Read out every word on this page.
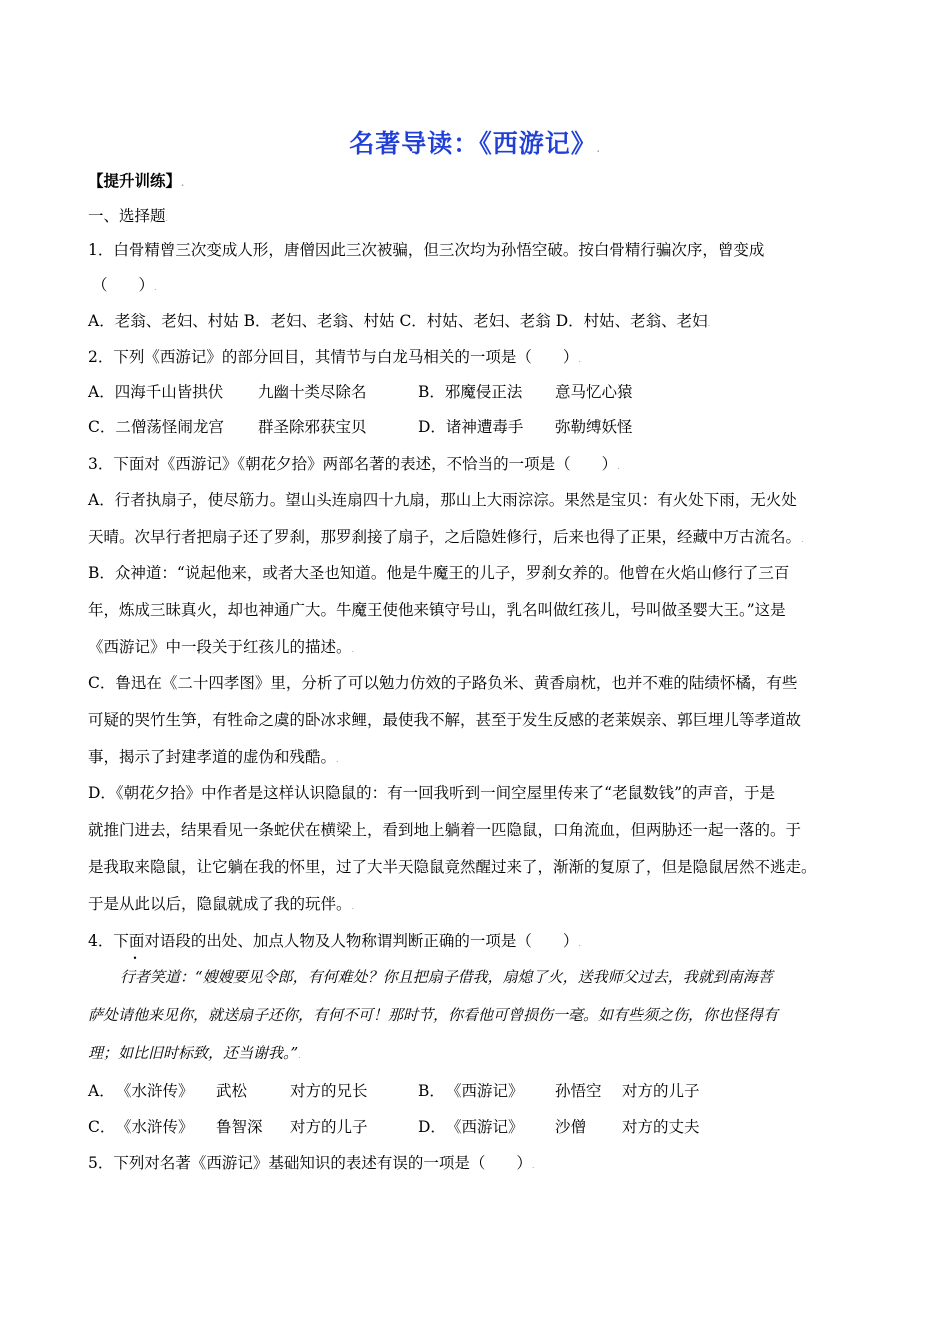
名著导读：《西游记》.
【提升训练】.
一、选择题.
1．白骨精曾三次变成人形，唐僧因此三次被骗，但三次均为孙悟空破。按白骨精行骗次序，曾变成
（　　）.
A．老翁、老妇、村姑 B．老妇、老翁、村姑 C．村姑、老妇、老翁 D．村姑、老翁、老妇.
2．下列《西游记》的部分回目，其情节与白龙马相关的一项是（　　）.
A．四海千山皆拱伏 九幽十类尽除名	B．邪魔侵正法 意马忆心猿
C．二僧荡怪闹龙宫 群圣除邪获宝贝	D．诸神遭毒手 弥勒缚妖怪
3．下面对《西游记》《朝花夕拾》两部名著的表述，不恰当的一项是（　　）.
A．行者执扇子，使尽筋力。望山头连扇四十九扇，那山上大雨淙淙。果然是宝贝：有火处下雨，无火处
天晴。次早行者把扇子还了罗刹，那罗刹接了扇子，之后隐姓修行，后来也得了正果，经藏中万古流名。.
B．众神道：“说起他来，或者大圣也知道。他是牛魔王的儿子，罗刹女养的。他曾在火焰山修行了三百
年，炼成三昧真火，却也神通广大。牛魔王使他来镇守号山，乳名叫做红孩儿，号叫做圣婴大王。”这是
《西游记》中一段关于红孩儿的描述。.
C．鲁迅在《二十四孝图》里，分析了可以勉力仿效的子路负米、黄香扇枕，也并不难的陆绩怀橘，有些
可疑的哭竹生笋，有牲命之虞的卧冰求鲤，最使我不解，甚至于发生反感的老莱娱亲、郭巨埋儿等孝道故
事，揭示了封建孝道的虚伪和残酷。.
D．《朝花夕拾》中作者是这样认识隐鼠的：有一回我听到一间空屋里传来了“老鼠数钱”的声音，于是
就推门进去，结果看见一条蛇伏在横梁上，看到地上躺着一匹隐鼠，口角流血，但两胁还一起一落的。于
是我取来隐鼠，让它躺在我的怀里，过了大半天隐鼠竟然醒过来了，渐渐的复原了，但是隐鼠居然不逃走。
于是从此以后，隐鼠就成了我的玩伴。.
4．下面对语段的出处、加点人物及人物称谓判断正确的一项是（　　）.
行者笑道：“嫂嫂要见令郎，有何难处？你且把扇子借我，扇熄了火，送我师父过去，我就到南海菩
萨处请他来见你，就送扇子还你，有何不可！那时节，你看他可曾损伤一毫。如有些须之伤，你也怪得有
理；如比旧时标致，还当谢我。”.
A． 《水浒传》 武松	对方的兄长	B． 《西游记》 孙悟空 对方的儿子
C． 《水浒传》 鲁智深 对方的儿子	D． 《西游记》 沙僧 对方的丈夫
5．下列对名著《西游记》基础知识的表述有误的一项是（　　）.
